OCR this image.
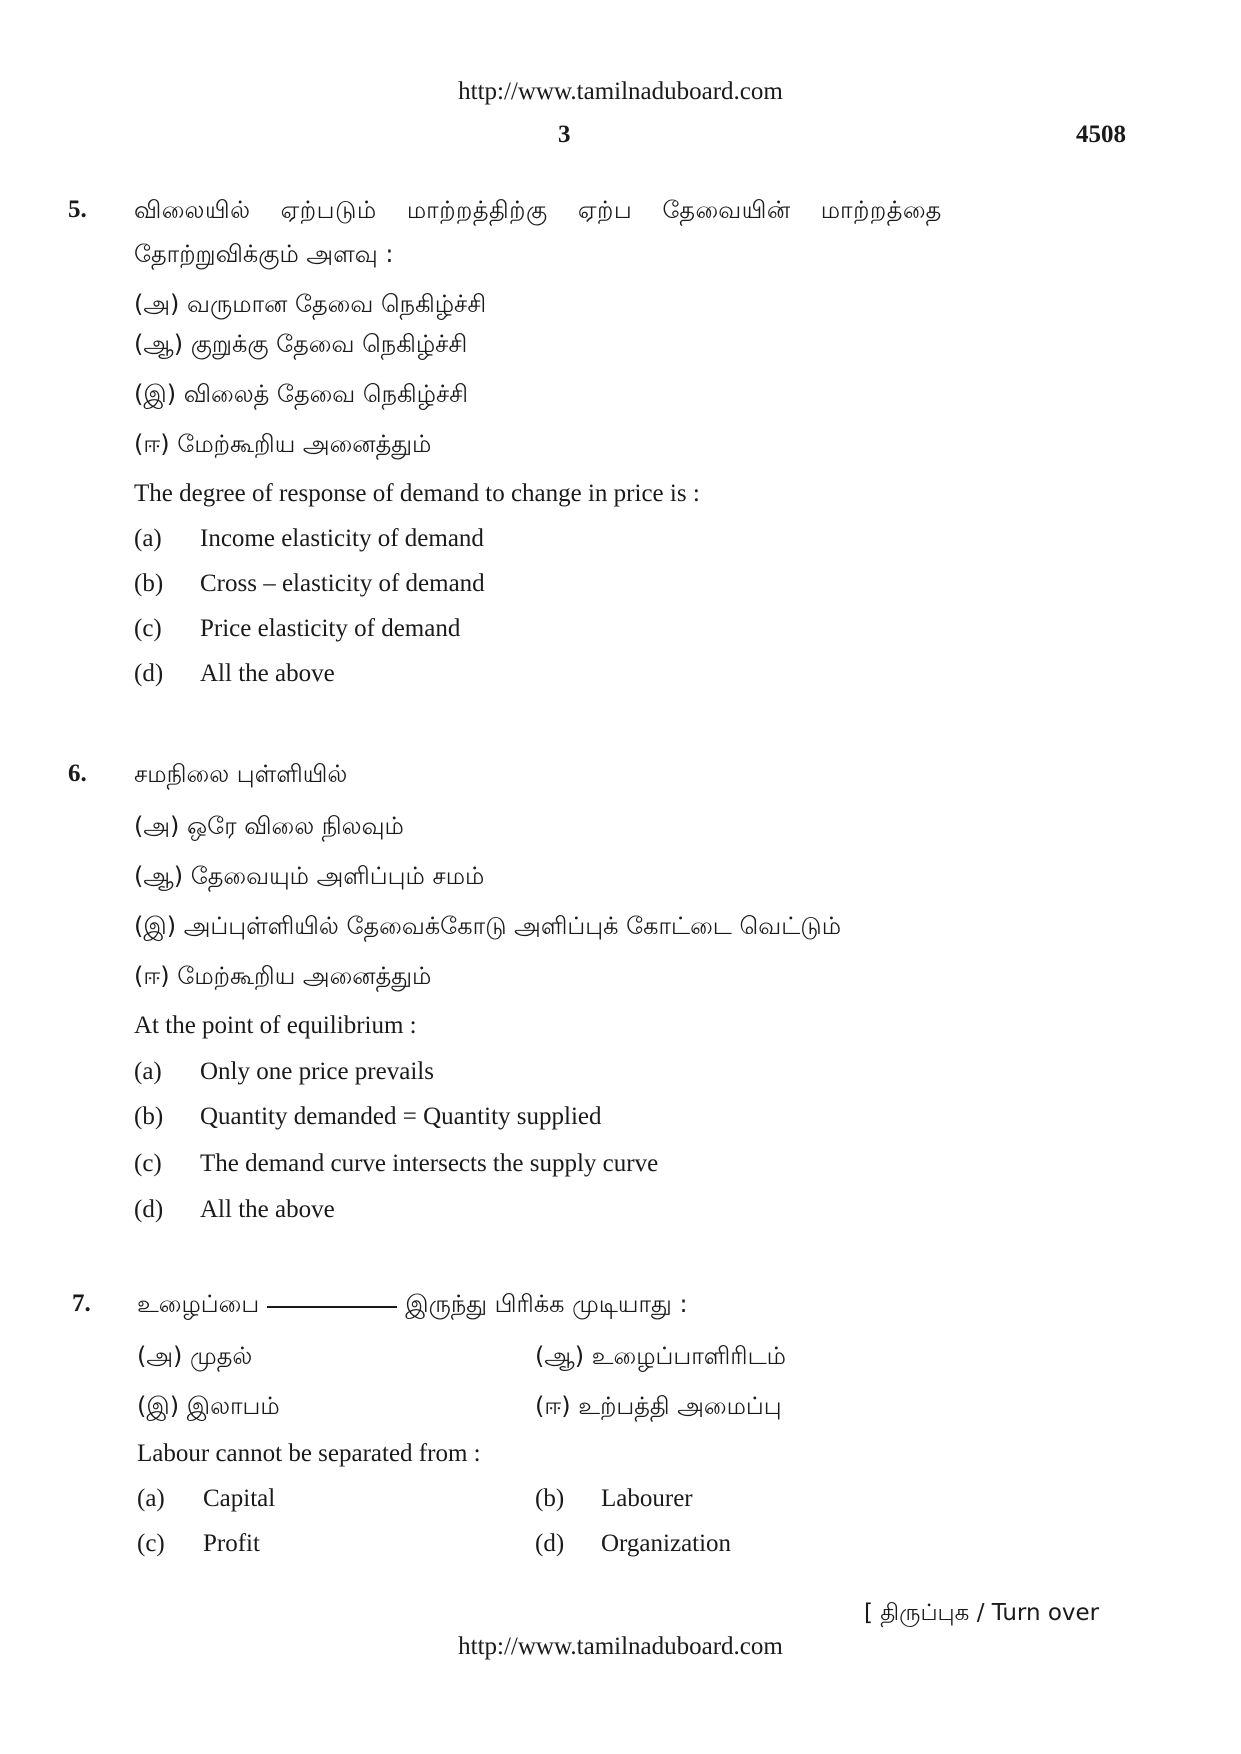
http://www.tamilnaduboard.com
3	4508
5. விலையில் ஏற்படும் மாற்றத்திற்கு ஏற்ப தேவையின் மாற்றத்தை
தோற்றுவிக்கும் அளவு :
(அ) வருமான தேவை நெகிழ்ச்சி
(ஆ) குறுக்கு தேவை நெகிழ்ச்சி
(இ) விலைத் தேவை நெகிழ்ச்சி
(ஈ) மேற்கூறிய அனைத்தும்
The degree of response of demand to change in price is :
(a) Income elasticity of demand
(b) Cross – elasticity of demand
(c) Price elasticity of demand
(d) All the above
6. சமநிலை புள்ளியில்
(அ) ஒரே விலை நிலவும்
(ஆ) தேவையும் அளிப்பும் சமம்
(இ) அப்புள்ளியில் தேவைக்கோடு அளிப்புக் கோட்டை வெட்டும்
(ஈ) மேற்கூறிய அனைத்தும்
At the point of equilibrium :
(a) Only one price prevails
(b) Quantity demanded = Quantity supplied
(c) The demand curve intersects the supply curve
(d) All the above
7. உழைப்பை	இருந்து பிரிக்க முடியாது :
(அ) முதல்	(ஆ) உழைப்பாளிரிடம்
(இ) இலாபம்	(ஈ) உற்பத்தி அமைப்பு
Labour cannot be separated from :
(a) Capital	(b) Labourer
(c) Profit	(d) Organization
[ திருப்புக / Turn over
http://www.tamilnaduboard.com
